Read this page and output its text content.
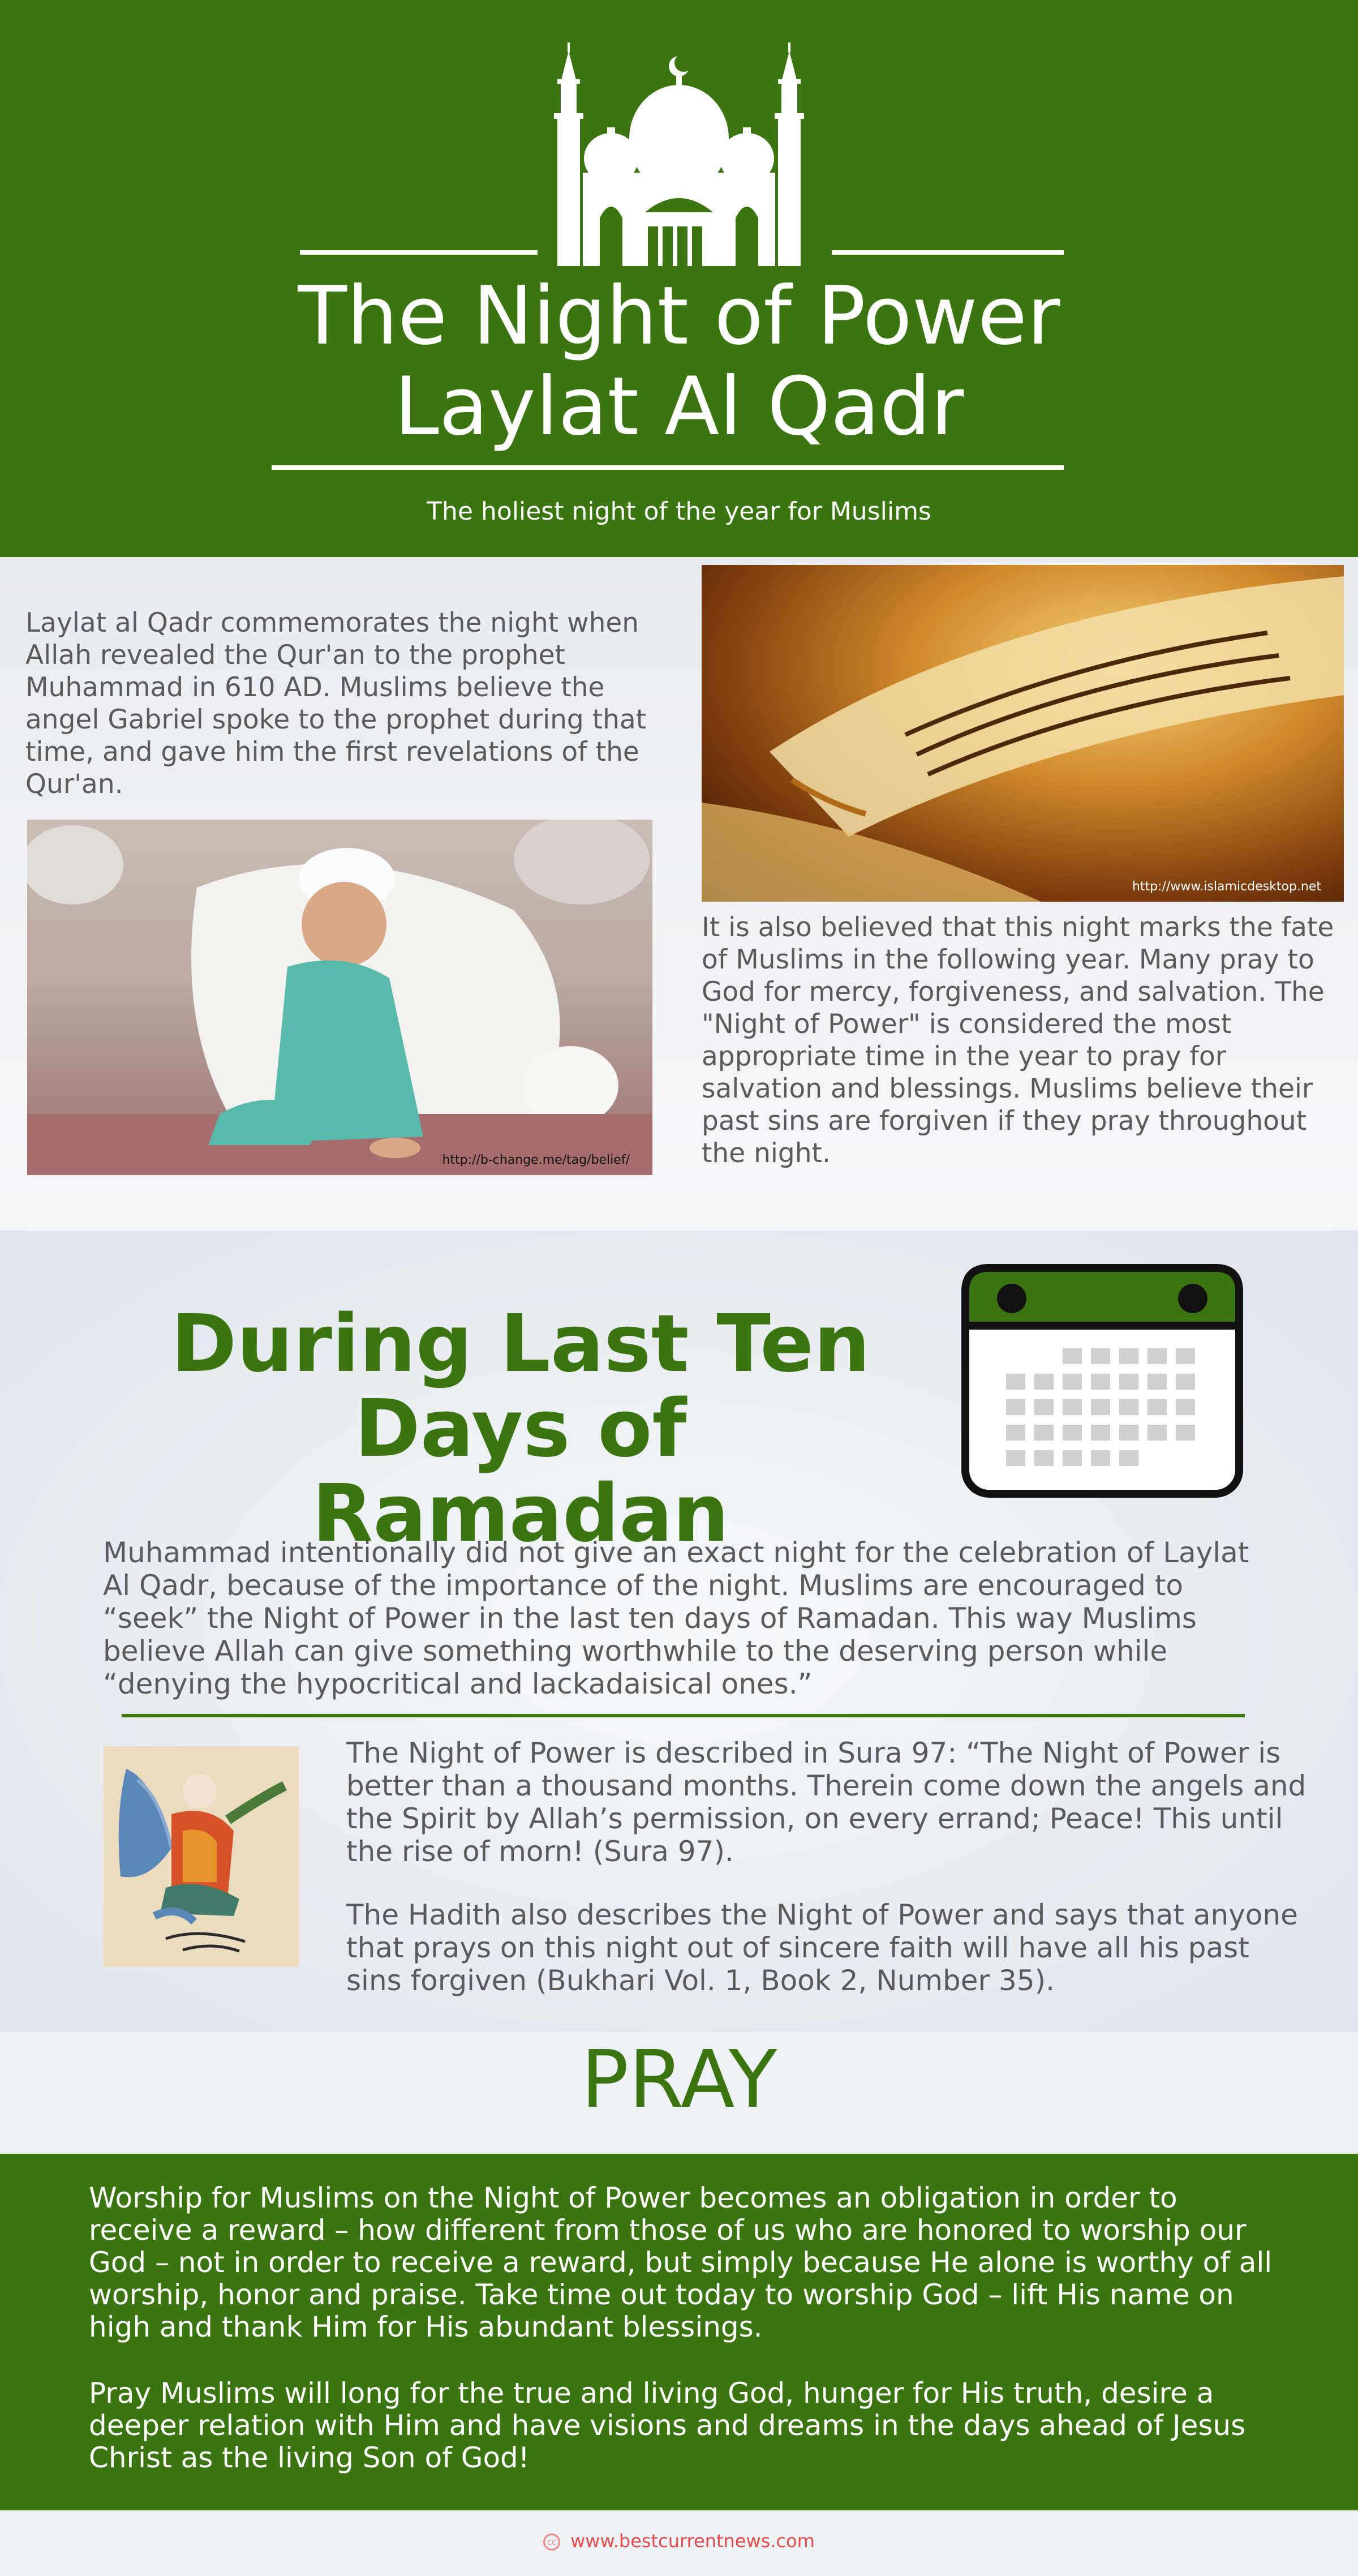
The Night of Power
Laylat Al Qadr
The holiest night of the year for Muslims

Laylat al Qadr commemorates the night when Allah revealed the Qur'an to the prophet Muhammad in 610 AD. Muslims believe the angel Gabriel spoke to the prophet during that time, and gave him the first revelations of the Qur'an.

http://www.islamicdesktop.net
http://b-change.me/tag/belief/

It is also believed that this night marks the fate of Muslims in the following year. Many pray to God for mercy, forgiveness, and salvation. The "Night of Power" is considered the most appropriate time in the year to pray for salvation and blessings. Muslims believe their past sins are forgiven if they pray throughout the night.

During Last Ten
Days of Ramadan

Muhammad intentionally did not give an exact night for the celebration of Laylat Al Qadr, because of the importance of the night. Muslims are encouraged to “seek” the Night of Power in the last ten days of Ramadan. This way Muslims believe Allah can give something worthwhile to the deserving person while “denying the hypocritical and lackadaisical ones.”

The Night of Power is described in Sura 97: “The Night of Power is better than a thousand months. Therein come down the angels and the Spirit by Allah’s permission, on every errand; Peace! This until the rise of morn! (Sura 97).

The Hadith also describes the Night of Power and says that anyone that prays on this night out of sincere faith will have all his past sins forgiven (Bukhari Vol. 1, Book 2, Number 35).

PRAY

Worship for Muslims on the Night of Power becomes an obligation in order to receive a reward – how different from those of us who are honored to worship our God – not in order to receive a reward, but simply because He alone is worthy of all worship, honor and praise. Take time out today to worship God – lift His name on high and thank Him for His abundant blessings.

Pray Muslims will long for the true and living God, hunger for His truth, desire a deeper relation with Him and have visions and dreams in the days ahead of Jesus Christ as the living Son of God!

cc www.bestcurrentnews.com
